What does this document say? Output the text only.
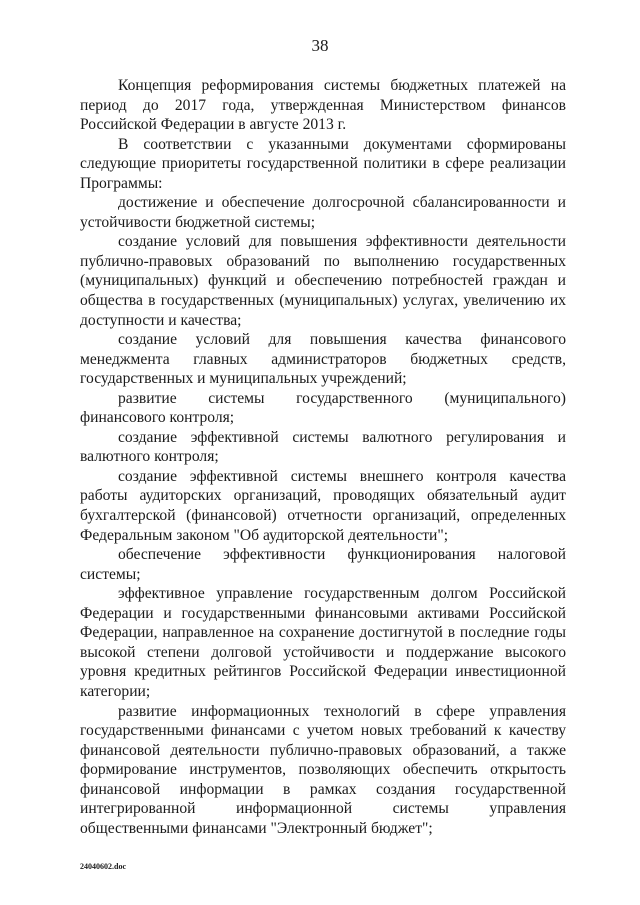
38

Концепция реформирования системы бюджетных платежей на период до 2017 года, утвержденная Министерством финансов Российской Федерации в августе 2013 г.

В соответствии с указанными документами сформированы следующие приоритеты государственной политики в сфере реализации Программы:

достижение и обеспечение долгосрочной сбалансированности и устойчивости бюджетной системы;

создание условий для повышения эффективности деятельности публично-правовых образований по выполнению государственных (муниципальных) функций и обеспечению потребностей граждан и общества в государственных (муниципальных) услугах, увеличению их доступности и качества;

создание условий для повышения качества финансового менеджмента главных администраторов бюджетных средств, государственных и муниципальных учреждений;

развитие системы государственного (муниципального) финансового контроля;

создание эффективной системы валютного регулирования и валютного контроля;

создание эффективной системы внешнего контроля качества работы аудиторских организаций, проводящих обязательный аудит бухгалтерской (финансовой) отчетности организаций, определенных Федеральным законом "Об аудиторской деятельности";

обеспечение эффективности функционирования налоговой системы;

эффективное управление государственным долгом Российской Федерации и государственными финансовыми активами Российской Федерации, направленное на сохранение достигнутой в последние годы высокой степени долговой устойчивости и поддержание высокого уровня кредитных рейтингов Российской Федерации инвестиционной категории;

развитие информационных технологий в сфере управления государственными финансами с учетом новых требований к качеству финансовой деятельности публично-правовых образований, а также формирование инструментов, позволяющих обеспечить открытость финансовой информации в рамках создания государственной интегрированной информационной системы управления общественными финансами "Электронный бюджет";

24040602.doc
